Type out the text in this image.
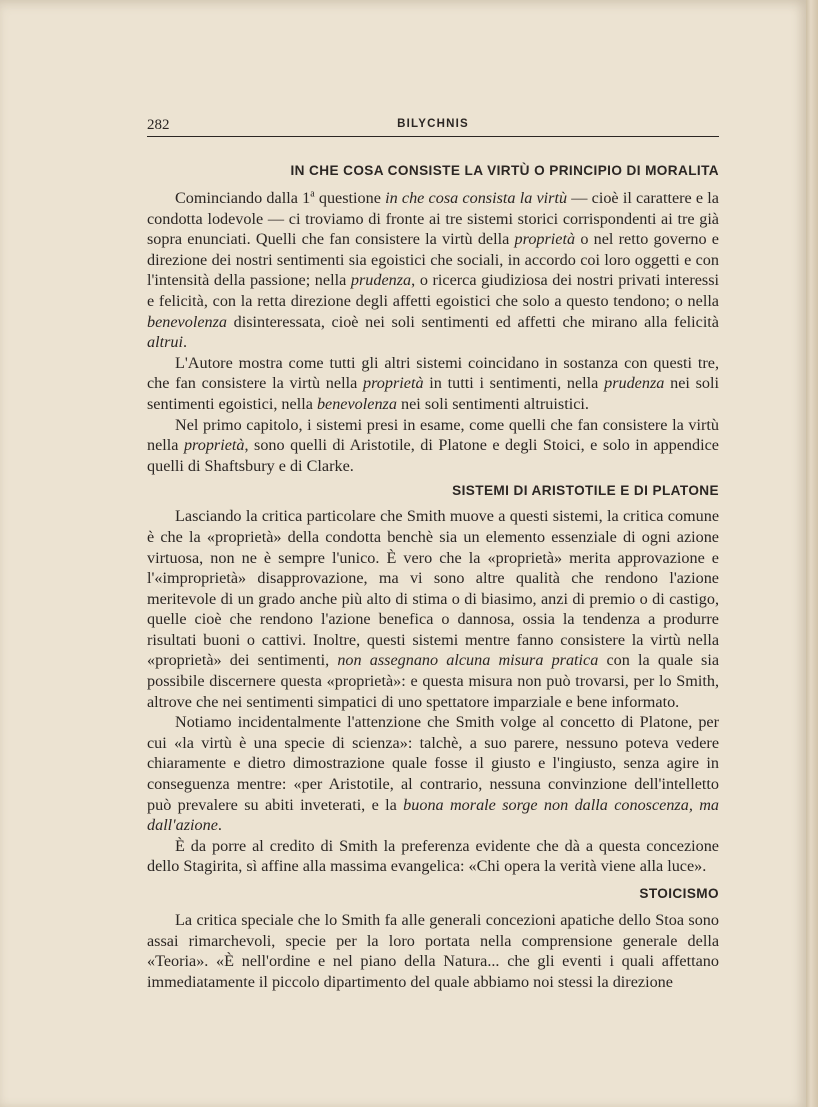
282	BILYCHNIS
IN CHE COSA CONSISTE LA VIRTÙ O PRINCIPIO DI MORALITA

Cominciando dalla 1$^a$ questione in che cosa consista la virtù — cioè il carattere e la condotta lodevole — ci troviamo di fronte ai tre sistemi storici corrispondenti ai tre già sopra enunciati. Quelli che fan consistere la virtù della proprietà o nel retto governo e direzione dei nostri sentimenti sia egoistici che sociali, in accordo coi loro oggetti e con l'intensità della passione; nella prudenza, o ricerca giudiziosa dei nostri privati interessi e felicità, con la retta direzione degli affetti egoistici che solo a questo tendono; o nella benevolenza disinteressata, cioè nei soli sentimenti ed affetti che mirano alla felicità altrui.

L'Autore mostra come tutti gli altri sistemi coincidano in sostanza con questi tre, che fan consistere la virtù nella proprietà in tutti i sentimenti, nella prudenza nei soli sentimenti egoistici, nella benevolenza nei soli sentimenti altruistici.

Nel primo capitolo, i sistemi presi in esame, come quelli che fan consistere la virtù nella proprietà, sono quelli di Aristotile, di Platone e degli Stoici, e solo in appendice quelli di Shaftsbury e di Clarke.

SISTEMI DI ARISTOTILE E DI PLATONE

Lasciando la critica particolare che Smith muove a questi sistemi, la critica comune è che la «proprietà» della condotta benchè sia un elemento essenziale di ogni azione virtuosa, non ne è sempre l'unico. È vero che la «proprietà» merita approvazione e l'«improprietà» disapprovazione, ma vi sono altre qualità che rendono l'azione meritevole di un grado anche più alto di stima o di biasimo, anzi di premio o di castigo, quelle cioè che rendono l'azione benefica o dannosa, ossia la tendenza a produrre risultati buoni o cattivi. Inoltre, questi sistemi mentre fanno consistere la virtù nella «proprietà» dei sentimenti, non assegnano alcuna misura pratica con la quale sia possibile discernere questa «proprietà»: e questa misura non può trovarsi, per lo Smith, altrove che nei sentimenti simpatici di uno spettatore imparziale e bene informato.

Notiamo incidentalmente l'attenzione che Smith volge al concetto di Platone, per cui «la virtù è una specie di scienza»: talchè, a suo parere, nessuno poteva vedere chiaramente e dietro dimostrazione quale fosse il giusto e l'ingiusto, senza agire in conseguenza mentre: «per Aristotile, al contrario, nessuna convinzione dell'intelletto può prevalere su abiti inveterati, e la buona morale sorge non dalla conoscenza, ma dall'azione.

È da porre al credito di Smith la preferenza evidente che dà a questa concezione dello Stagirita, sì affine alla massima evangelica: «Chi opera la verità viene alla luce».

STOICISMO

La critica speciale che lo Smith fa alle generali concezioni apatiche dello Stoa sono assai rimarchevoli, specie per la loro portata nella comprensione generale della «Teoria». «È nell'ordine e nel piano della Natura... che gli eventi i quali affettano immediatamente il piccolo dipartimento del quale abbiamo noi stessi la direzione
